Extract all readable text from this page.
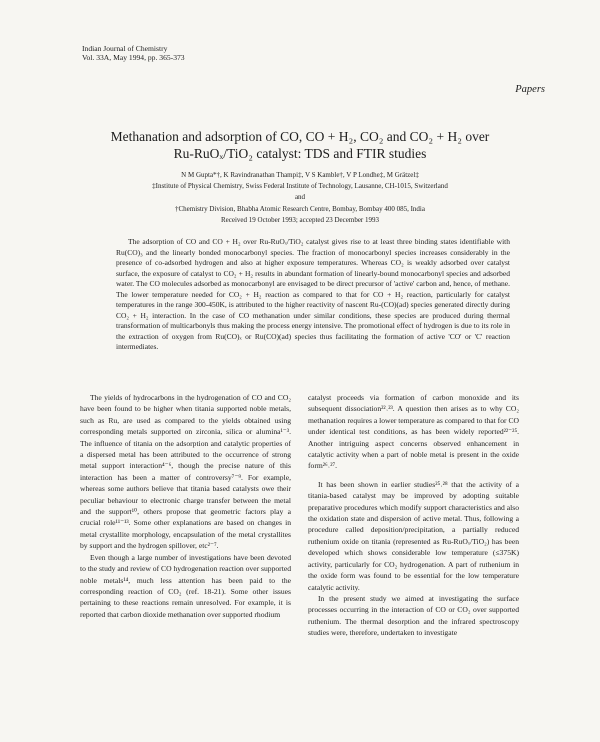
Indian Journal of Chemistry
Vol. 33A, May 1994, pp. 365-373
Papers
Methanation and adsorption of CO, CO + H₂, CO₂ and CO₂ + H₂ over
Ru-RuOₓ/TiO₂ catalyst: TDS and FTIR studies
N M Gupta*†, K Ravindranathan Thampi‡, V S Kamble†, V P Londhe‡, M Grätzel‡
‡Institute of Physical Chemistry, Swiss Federal Institute of Technology, Lausanne, CH-1015, Switzerland
and
†Chemistry Division, Bhabha Atomic Research Centre, Bombay, Bombay 400 085, India
Received 19 October 1993; accepted 23 December 1993

The adsorption of CO and CO + H₂ over Ru-RuOₓ/TiO₂ catalyst gives rise to at least three binding states identifiable with Ru(CO)₃ and the linearly bonded monocarbonyl species. The fraction of monocarbonyl species increases considerably in the presence of co-adsorbed hydrogen and also at higher exposure temperatures. Whereas CO₂ is weakly adsorbed over catalyst surface, the exposure of catalyst to CO₂ + H₂ results in abundant formation of linearly-bound monocarbonyl species and adsorbed water. The CO molecules adsorbed as monocarbonyl are envisaged to be direct precursor of 'active' carbon and, hence, of methane. The lower temperature needed for CO₂ + H₂ reaction as compared to that for CO + H₂ reaction, particularly for catalyst temperatures in the range 300-450K, is attributed to the higher reactivity of nascent Ru-(CO)(ad) species generated directly during CO₂ + H₂ interaction. In the case of CO methanation under similar conditions, these species are produced during thermal transformation of multicarbonyls thus making the process energy intensive. The promotional effect of hydrogen is due to its role in the extraction of oxygen from Ru(CO)ₓ or Ru(CO)(ad) species thus facilitating the formation of active 'CO' or 'C' reaction intermediates.

The yields of hydrocarbons in the hydrogenation of CO and CO₂ have been found to be higher when titania supported noble metals, such as Ru, are used as compared to the yields obtained using corresponding metals supported on zirconia, silica or alumina¹⁻³. The influence of titania on the adsorption and catalytic properties of a dispersed metal has been attributed to the occurrence of strong metal support interaction⁴⁻⁶, though the precise nature of this interaction has been a matter of controversy⁷⁻⁹. For example, whereas some authors believe that titania based catalysts owe their peculiar behaviour to electronic charge transfer between the metal and the support¹⁰, others propose that geometric factors play a crucial role¹¹⁻¹³. Some other explanations are based on changes in metal crystallite morphology, encapsulation of the metal crystallites by support and the hydrogen spillover, etc²⁻⁷.

Even though a large number of investigations have been devoted to the study and review of CO hydrogenation reaction over supported noble metals¹⁴, much less attention has been paid to the corresponding reaction of CO₂ (ref. 18-21). Some other issues pertaining to these reactions remain unresolved. For example, it is reported that carbon dioxide methanation over supported rhodium

catalyst proceeds via formation of carbon monoxide and its subsequent dissociation²²˒²³. A question then arises as to why CO₂ methanation requires a lower temperature as compared to that for CO under identical test conditions, as has been widely reported²²⁻²⁵. Another intriguing aspect concerns observed enhancement in catalytic activity when a part of noble metal is present in the oxide form²⁶˒²⁷.

It has been shown in earlier studies²⁵˒²⁸ that the activity of a titania-based catalyst may be improved by adopting suitable preparative procedures which modify support characteristics and also the oxidation state and dispersion of active metal. Thus, following a procedure called deposition/precipitation, a partially reduced ruthenium oxide on titania (represented as Ru-RuOₓ/TiO₂) has been developed which shows considerable low temperature (≤375K) activity, particularly for CO₂ hydrogenation. A part of ruthenium in the oxide form was found to be essential for the low temperature catalytic activity.

In the present study we aimed at investigating the surface processes occurring in the interaction of CO or CO₂ over supported ruthenium. The thermal desorption and the infrared spectroscopy studies were, therefore, undertaken to investigate
